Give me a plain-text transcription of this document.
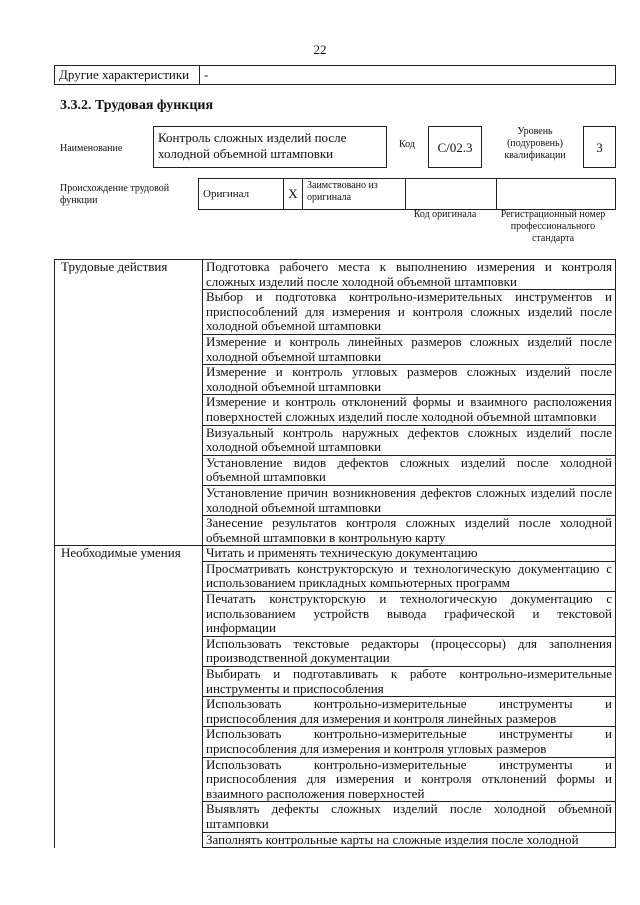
22
Другие характеристики	-
3.3.2. Трудовая функция
Наименование
Контроль сложных изделий после холодной объемной штамповки
Код	C/02.3
Уровень (подуровень) квалификации
3
Происхождение трудовой функции
Оригинал	X	Заимствовано из оригинала		
Код оригинала	Регистрационный номер профессионального стандарта
Трудовые действия	Подготовка рабочего места к выполнению измерения и контроля сложных изделий после холодной объемной штамповки
	Выбор и подготовка контрольно-измерительных инструментов и приспособлений для измерения и контроля сложных изделий после холодной объемной штамповки
	Измерение и контроль линейных размеров сложных изделий после холодной объемной штамповки
	Измерение и контроль угловых размеров сложных изделий после холодной объемной штамповки
	Измерение и контроль отклонений формы и взаимного расположения поверхностей сложных изделий после холодной объемной штамповки
	Визуальный контроль наружных дефектов сложных изделий после холодной объемной штамповки
	Установление видов дефектов сложных изделий после холодной объемной штамповки
	Установление причин возникновения дефектов сложных изделий после холодной объемной штамповки
	Занесение результатов контроля сложных изделий после холодной объемной штамповки в контрольную карту
Необходимые умения	Читать и применять техническую документацию
	Просматривать конструкторскую и технологическую документацию с использованием прикладных компьютерных программ
	Печатать конструкторскую и технологическую документацию с использованием устройств вывода графической и текстовой информации
	Использовать текстовые редакторы (процессоры) для заполнения производственной документации
	Выбирать и подготавливать к работе контрольно-измерительные инструменты и приспособления
	Использовать контрольно-измерительные инструменты и приспособления для измерения и контроля линейных размеров
	Использовать контрольно-измерительные инструменты и приспособления для измерения и контроля угловых размеров
	Использовать контрольно-измерительные инструменты и приспособления для измерения и контроля отклонений формы и взаимного расположения поверхностей
	Выявлять дефекты сложных изделий после холодной объемной штамповки
	Заполнять контрольные карты на сложные изделия после холодной
